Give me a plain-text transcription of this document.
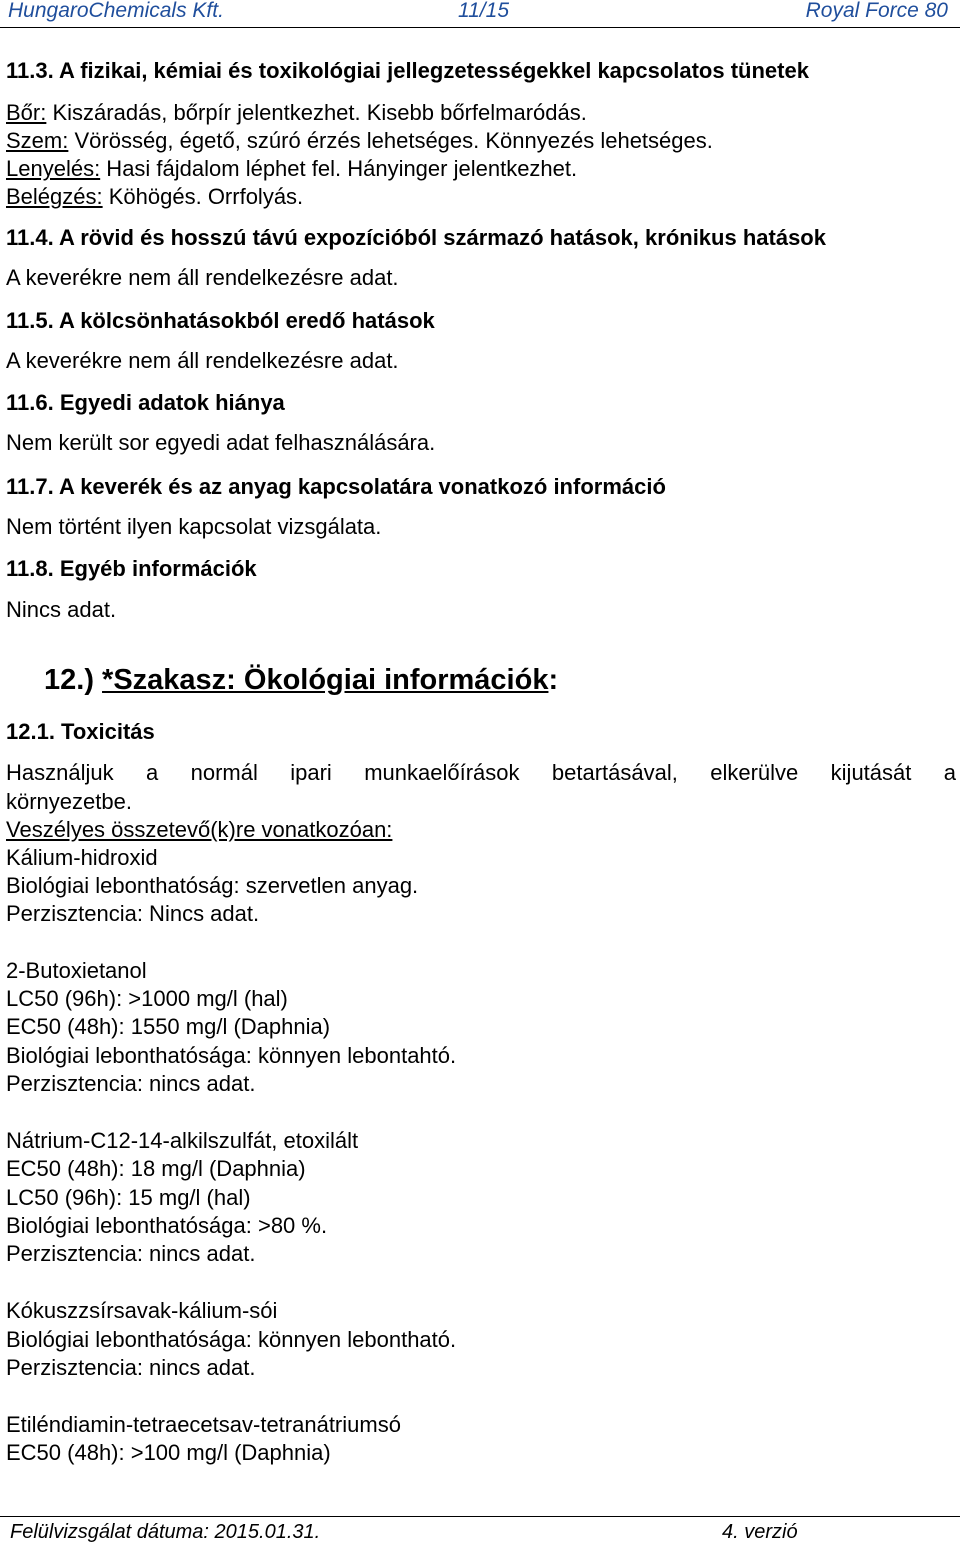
HungaroChemicals Kft.	11/15	Royal Force 80
11.3. A fizikai, kémiai és toxikológiai jellegzetességekkel kapcsolatos tünetek
Bőr: Kiszáradás, bőrpír jelentkezhet. Kisebb bőrfelmaródás.
Szem: Vörösség, égető, szúró érzés lehetséges. Könnyezés lehetséges.
Lenyelés: Hasi fájdalom léphet fel. Hányinger jelentkezhet.
Belégzés: Köhögés. Orrfolyás.
11.4. A rövid és hosszú távú expozícióból származó hatások, krónikus hatások
A keverékre nem áll rendelkezésre adat.
11.5. A kölcsönhatásokból eredő hatások
A keverékre nem áll rendelkezésre adat.
11.6. Egyedi adatok hiánya
Nem került sor egyedi adat felhasználására.
11.7. A keverék és az anyag kapcsolatára vonatkozó információ
Nem történt ilyen kapcsolat vizsgálata.
11.8. Egyéb információk
Nincs adat.
12.) *Szakasz: Ökológiai információk:
12.1. Toxicitás
Használjuk a normál ipari munkaelőírások betartásával, elkerülve kijutását a
környezetbe.
Veszélyes összetevő(k)re vonatkozóan:
Kálium-hidroxid
Biológiai lebonthatóság: szervetlen anyag.
Perzisztencia: Nincs adat.
2-Butoxietanol
LC50 (96h): >1000 mg/l (hal)
EC50 (48h): 1550 mg/l (Daphnia)
Biológiai lebonthatósága: könnyen lebontahtó.
Perzisztencia: nincs adat.
Nátrium-C12-14-alkilszulfát, etoxilált
EC50 (48h): 18 mg/l (Daphnia)
LC50 (96h): 15 mg/l (hal)
Biológiai lebonthatósága: >80 %.
Perzisztencia: nincs adat.
Kókuszzsírsavak-kálium-sói
Biológiai lebonthatósága: könnyen lebontható.
Perzisztencia: nincs adat.
Etiléndiamin-tetraecetsav-tetranátriumsó
EC50 (48h): >100 mg/l (Daphnia)
Felülvizsgálat dátuma: 2015.01.31.	4. verzió
